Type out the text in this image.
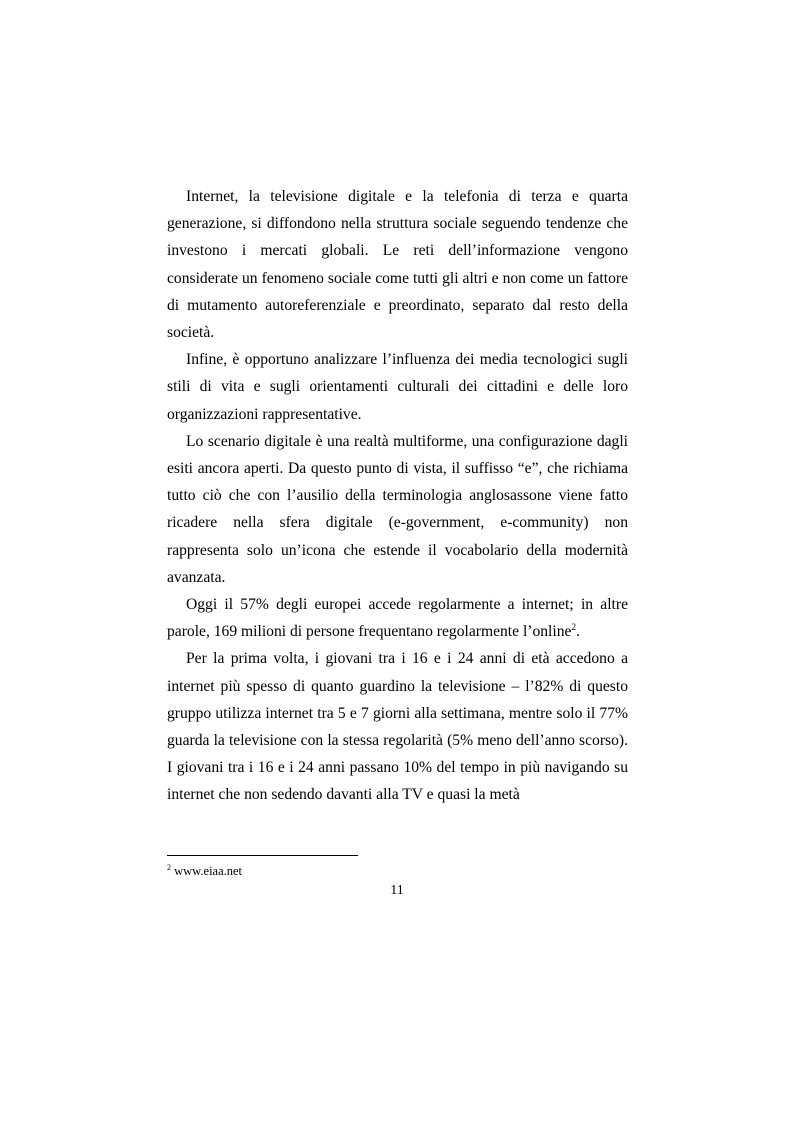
Internet, la televisione digitale e la telefonia di terza e quarta generazione, si diffondono nella struttura sociale seguendo tendenze che investono i mercati globali. Le reti dell’informazione vengono considerate un fenomeno sociale come tutti gli altri e non come un fattore di mutamento autoreferenziale e preordinato, separato dal resto della società.

Infine, è opportuno analizzare l’influenza dei media tecnologici sugli stili di vita e sugli orientamenti culturali dei cittadini e delle loro organizzazioni rappresentative.

Lo scenario digitale è una realtà multiforme, una configurazione dagli esiti ancora aperti. Da questo punto di vista, il suffisso “e”, che richiama tutto ciò che con l’ausilio della terminologia anglosassone viene fatto ricadere nella sfera digitale (e-government, e-community) non rappresenta solo un’icona che estende il vocabolario della modernità avanzata.

Oggi il 57% degli europei accede regolarmente a internet; in altre parole, 169 milioni di persone frequentano regolarmente l’online$^2$.

Per la prima volta, i giovani tra i 16 e i 24 anni di età accedono a internet più spesso di quanto guardino la televisione – l’82% di questo gruppo utilizza internet tra 5 e 7 giorni alla settimana, mentre solo il 77% guarda la televisione con la stessa regolarità (5% meno dell’anno scorso). I giovani tra i 16 e i 24 anni passano 10% del tempo in più navigando su internet che non sedendo davanti alla TV e quasi la metà

$^2$ www.eiaa.net
11
